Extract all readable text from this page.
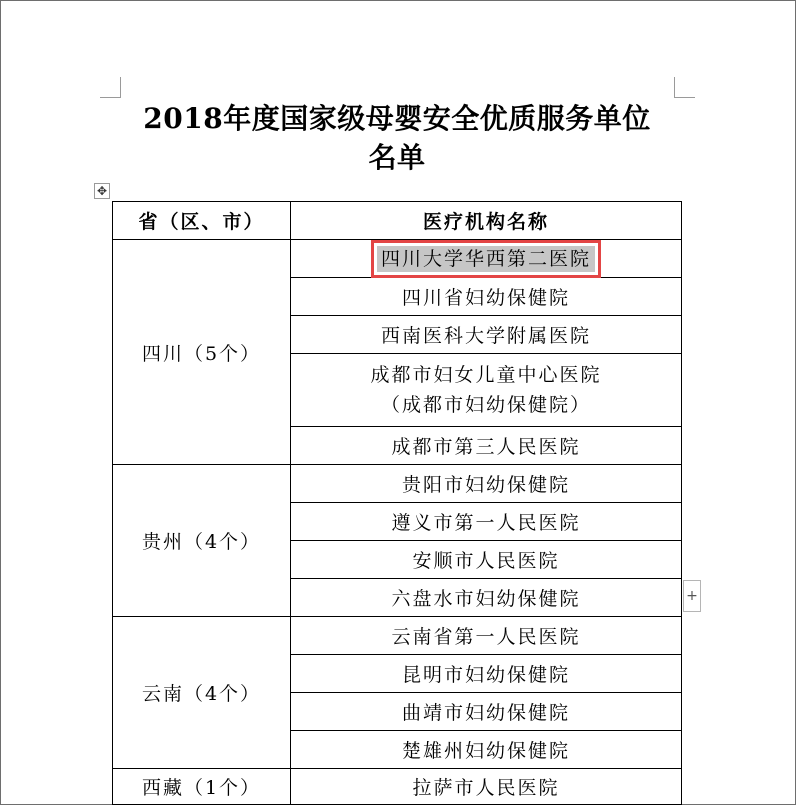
2018年度国家级母婴安全优质服务单位
名单
✥
省（区、市）	医疗机构名称
四川（5个）	四川大学华西第二医院
	四川省妇幼保健院
	西南医科大学附属医院

	成都市妇女儿童中心医院
（成都市妇幼保健院）

	成都市第三人民医院
贵州（4个）	贵阳市妇幼保健院
	遵义市第一人民医院
	安顺市人民医院
	六盘水市妇幼保健院
云南（4个）	云南省第一人民医院
	昆明市妇幼保健院
	曲靖市妇幼保健院
	楚雄州妇幼保健院
西藏（1个）	拉萨市人民医院
+
